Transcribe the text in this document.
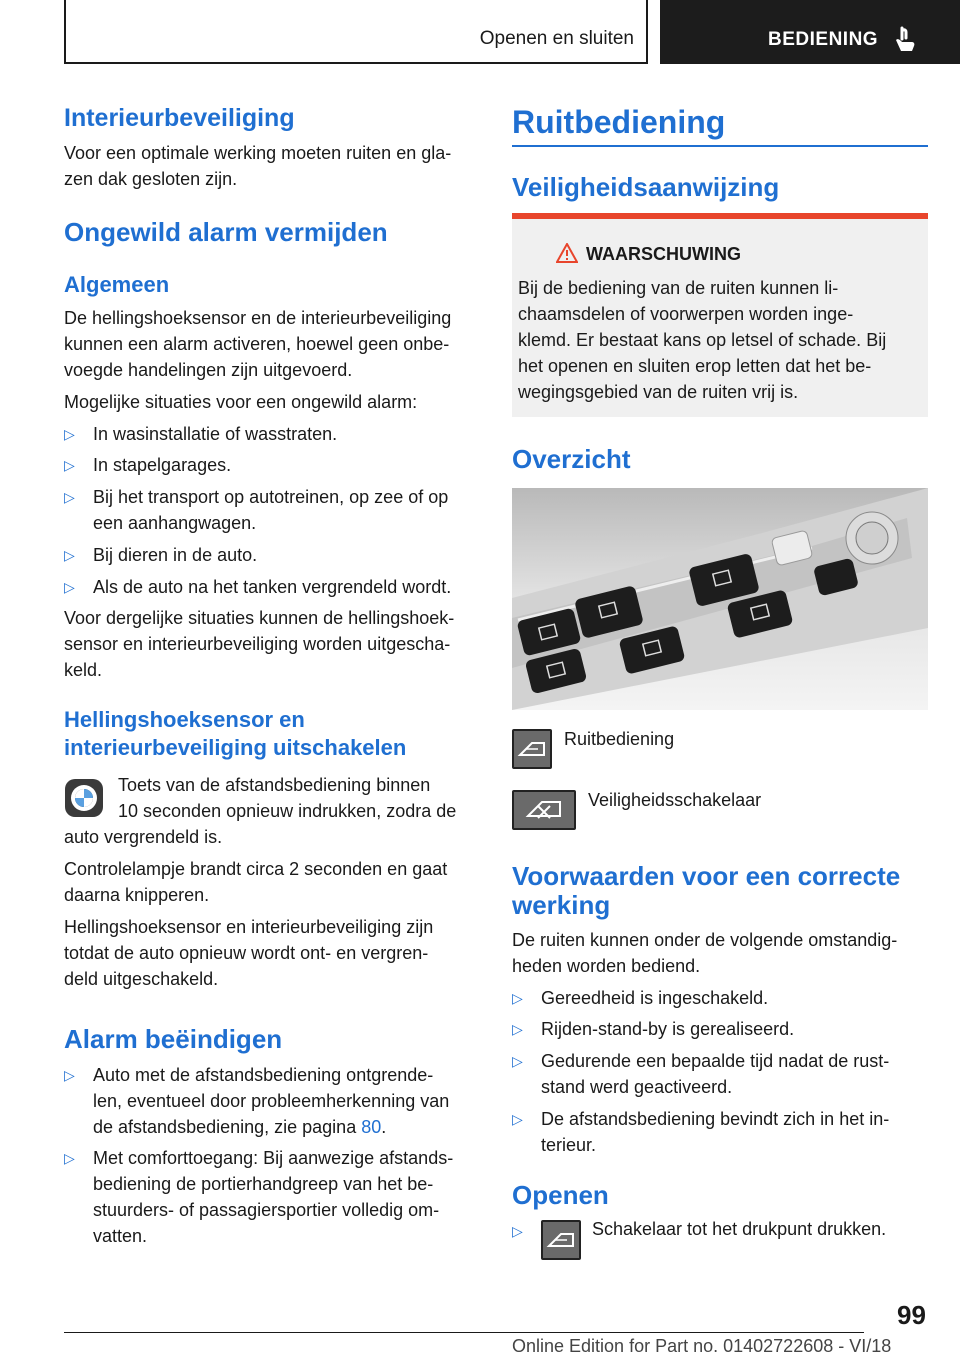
Openen en sluiten	BEDIENING
Interieurbeveiliging
Voor een optimale werking moeten ruiten en gla-
zen dak gesloten zijn.
Ongewild alarm vermijden
Algemeen
De hellingshoeksensor en de interieurbeveiliging
kunnen een alarm activeren, hoewel geen onbe-
voegde handelingen zijn uitgevoerd.
Mogelijke situaties voor een ongewild alarm:
▷ In wasinstallatie of wasstraten.
▷ In stapelgarages.
▷ Bij het transport op autotreinen, op zee of op
een aanhangwagen.
▷ Bij dieren in de auto.
▷ Als de auto na het tanken vergrendeld wordt.
Voor dergelijke situaties kunnen de hellingshoek-
sensor en interieurbeveiliging worden uitgescha-
keld.
Hellingshoeksensor en
interieurbeveiliging uitschakelen
Toets van de afstandsbediening binnen
10 seconden opnieuw indrukken, zodra de
auto vergrendeld is.
Controlelampje brandt circa 2 seconden en gaat
daarna knipperen.
Hellingshoeksensor en interieurbeveiliging zijn
totdat de auto opnieuw wordt ont- en vergren-
deld uitgeschakeld.
Alarm beëindigen
▷ Auto met de afstandsbediening ontgrende-
len, eventueel door probleemherkenning van
de afstandsbediening, zie pagina 80.
▷ Met comforttoegang: Bij aanwezige afstands-
bediening de portierhandgreep van het be-
stuurders- of passagiersportier volledig om-
vatten.
Ruitbediening
Veiligheidsaanwijzing
WAARSCHUWING
Bij de bediening van de ruiten kunnen li-
chaamsdelen of voorwerpen worden inge-
klemd. Er bestaat kans op letsel of schade. Bij
het openen en sluiten erop letten dat het be-
wegingsgebied van de ruiten vrij is.
Overzicht
Ruitbediening
Veiligheidsschakelaar
Voorwaarden voor een correcte
werking
De ruiten kunnen onder de volgende omstandig-
heden worden bediend.
▷ Gereedheid is ingeschakeld.
▷ Rijden-stand-by is gerealiseerd.
▷ Gedurende een bepaalde tijd nadat de rust-
stand werd geactiveerd.
▷ De afstandsbediening bevindt zich in het in-
terieur.
Openen
▷	Schakelaar tot het drukpunt drukken.
99
Online Edition for Part no. 01402722608 - VI/18
